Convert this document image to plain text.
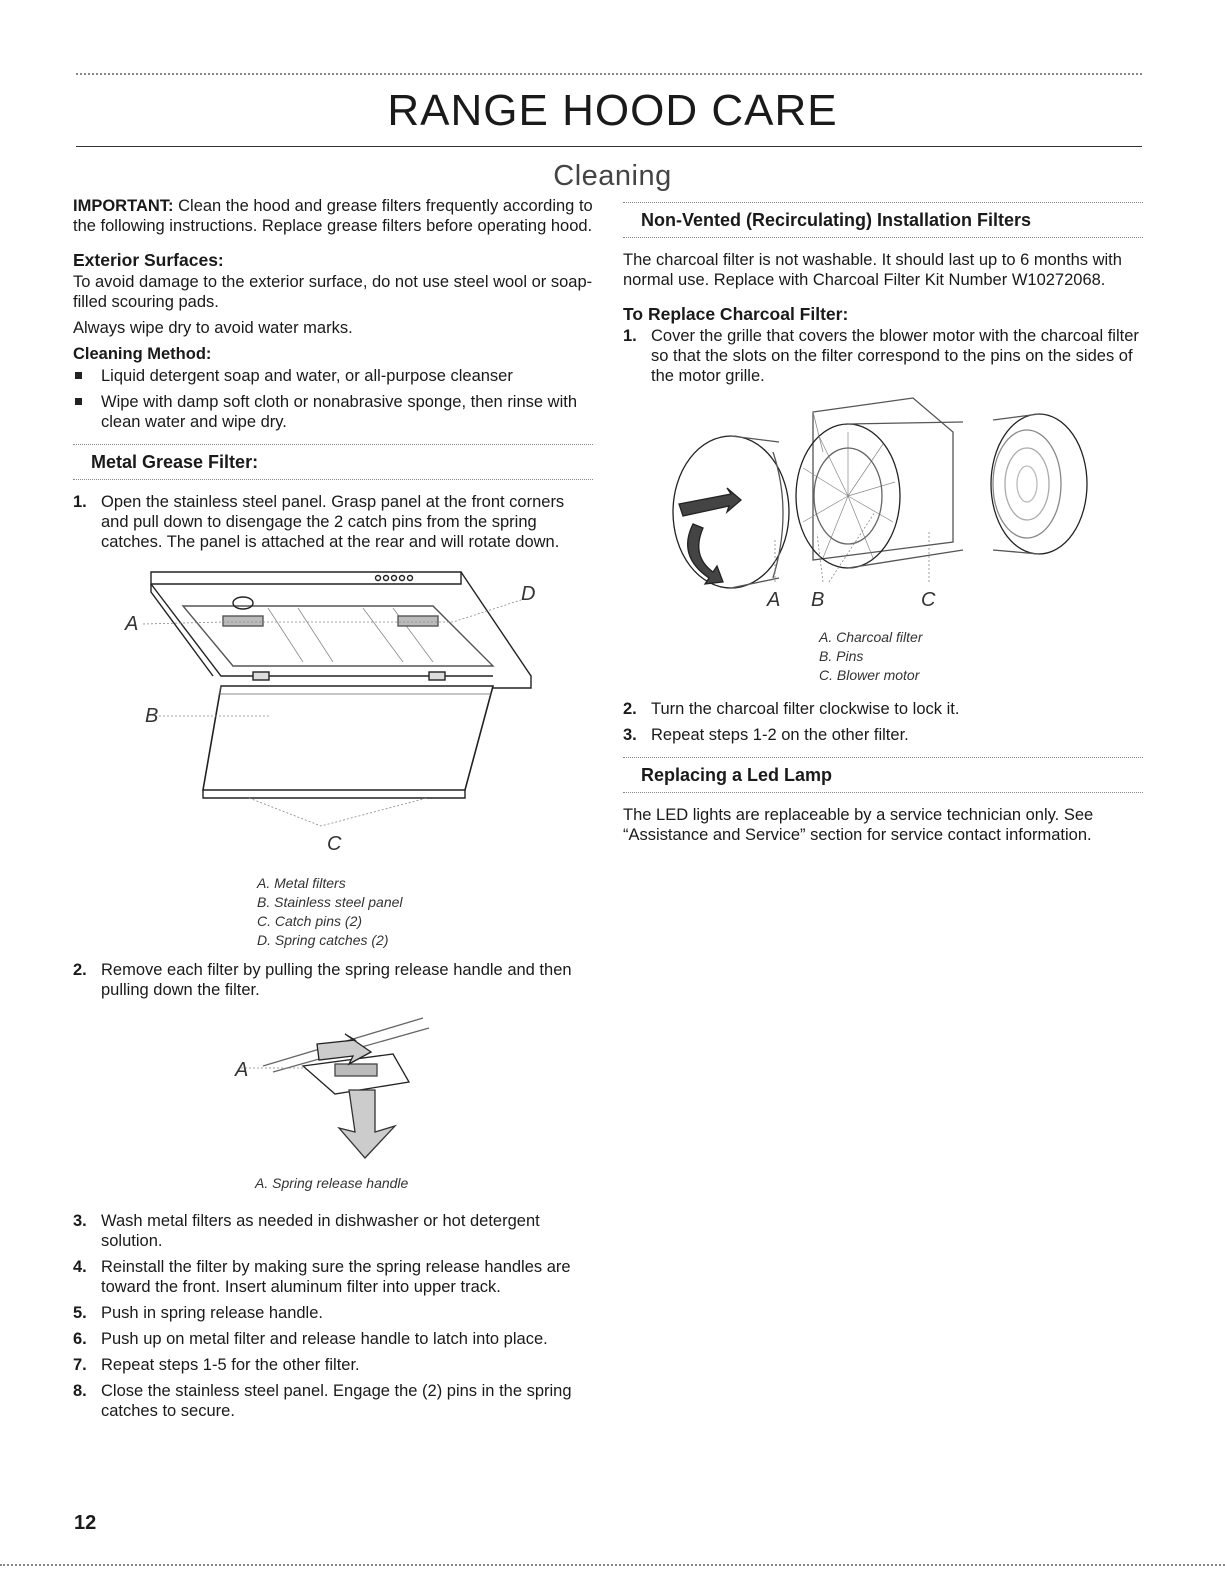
RANGE HOOD CARE
Cleaning

IMPORTANT: Clean the hood and grease filters frequently according to the following instructions. Replace grease filters before operating hood.

Exterior Surfaces:

To avoid damage to the exterior surface, do not use steel wool or soap-filled scouring pads.

Always wipe dry to avoid water marks.

Cleaning Method:
Liquid detergent soap and water, or all-purpose cleanser
Wipe with damp soft cloth or nonabrasive sponge, then rinse with clean water and wipe dry.
Metal Grease Filter:
1. Open the stainless steel panel. Grasp panel at the front corners and pull down to disengage the 2 catch pins from the spring catches. The panel is attached at the rear and will rotate down.
A
B
D
C
A. Metal filters
B. Stainless steel panel
C. Catch pins (2)
D. Spring catches (2)
2. Remove each filter by pulling the spring release handle and then pulling down the filter.
A
A. Spring release handle
3. Wash metal filters as needed in dishwasher or hot detergent solution.
4. Reinstall the filter by making sure the spring release handles are toward the front. Insert aluminum filter into upper track.
5. Push in spring release handle.
6. Push up on metal filter and release handle to latch into place.
7. Repeat steps 1-5 for the other filter.
8. Close the stainless steel panel. Engage the (2) pins in the spring catches to secure.
Non-Vented (Recirculating) Installation Filters

The charcoal filter is not washable. It should last up to 6 months with normal use. Replace with Charcoal Filter Kit Number W10272068.

To Replace Charcoal Filter:
1. Cover the grille that covers the blower motor with the charcoal filter so that the slots on the filter correspond to the pins on the sides of the motor grille.
A B	C
A. Charcoal filter
B. Pins
C. Blower motor
2. Turn the charcoal filter clockwise to lock it.
3. Repeat steps 1-2 on the other filter.
Replacing a Led Lamp

The LED lights are replaceable by a service technician only. See “Assistance and Service” section for service contact information.

12
